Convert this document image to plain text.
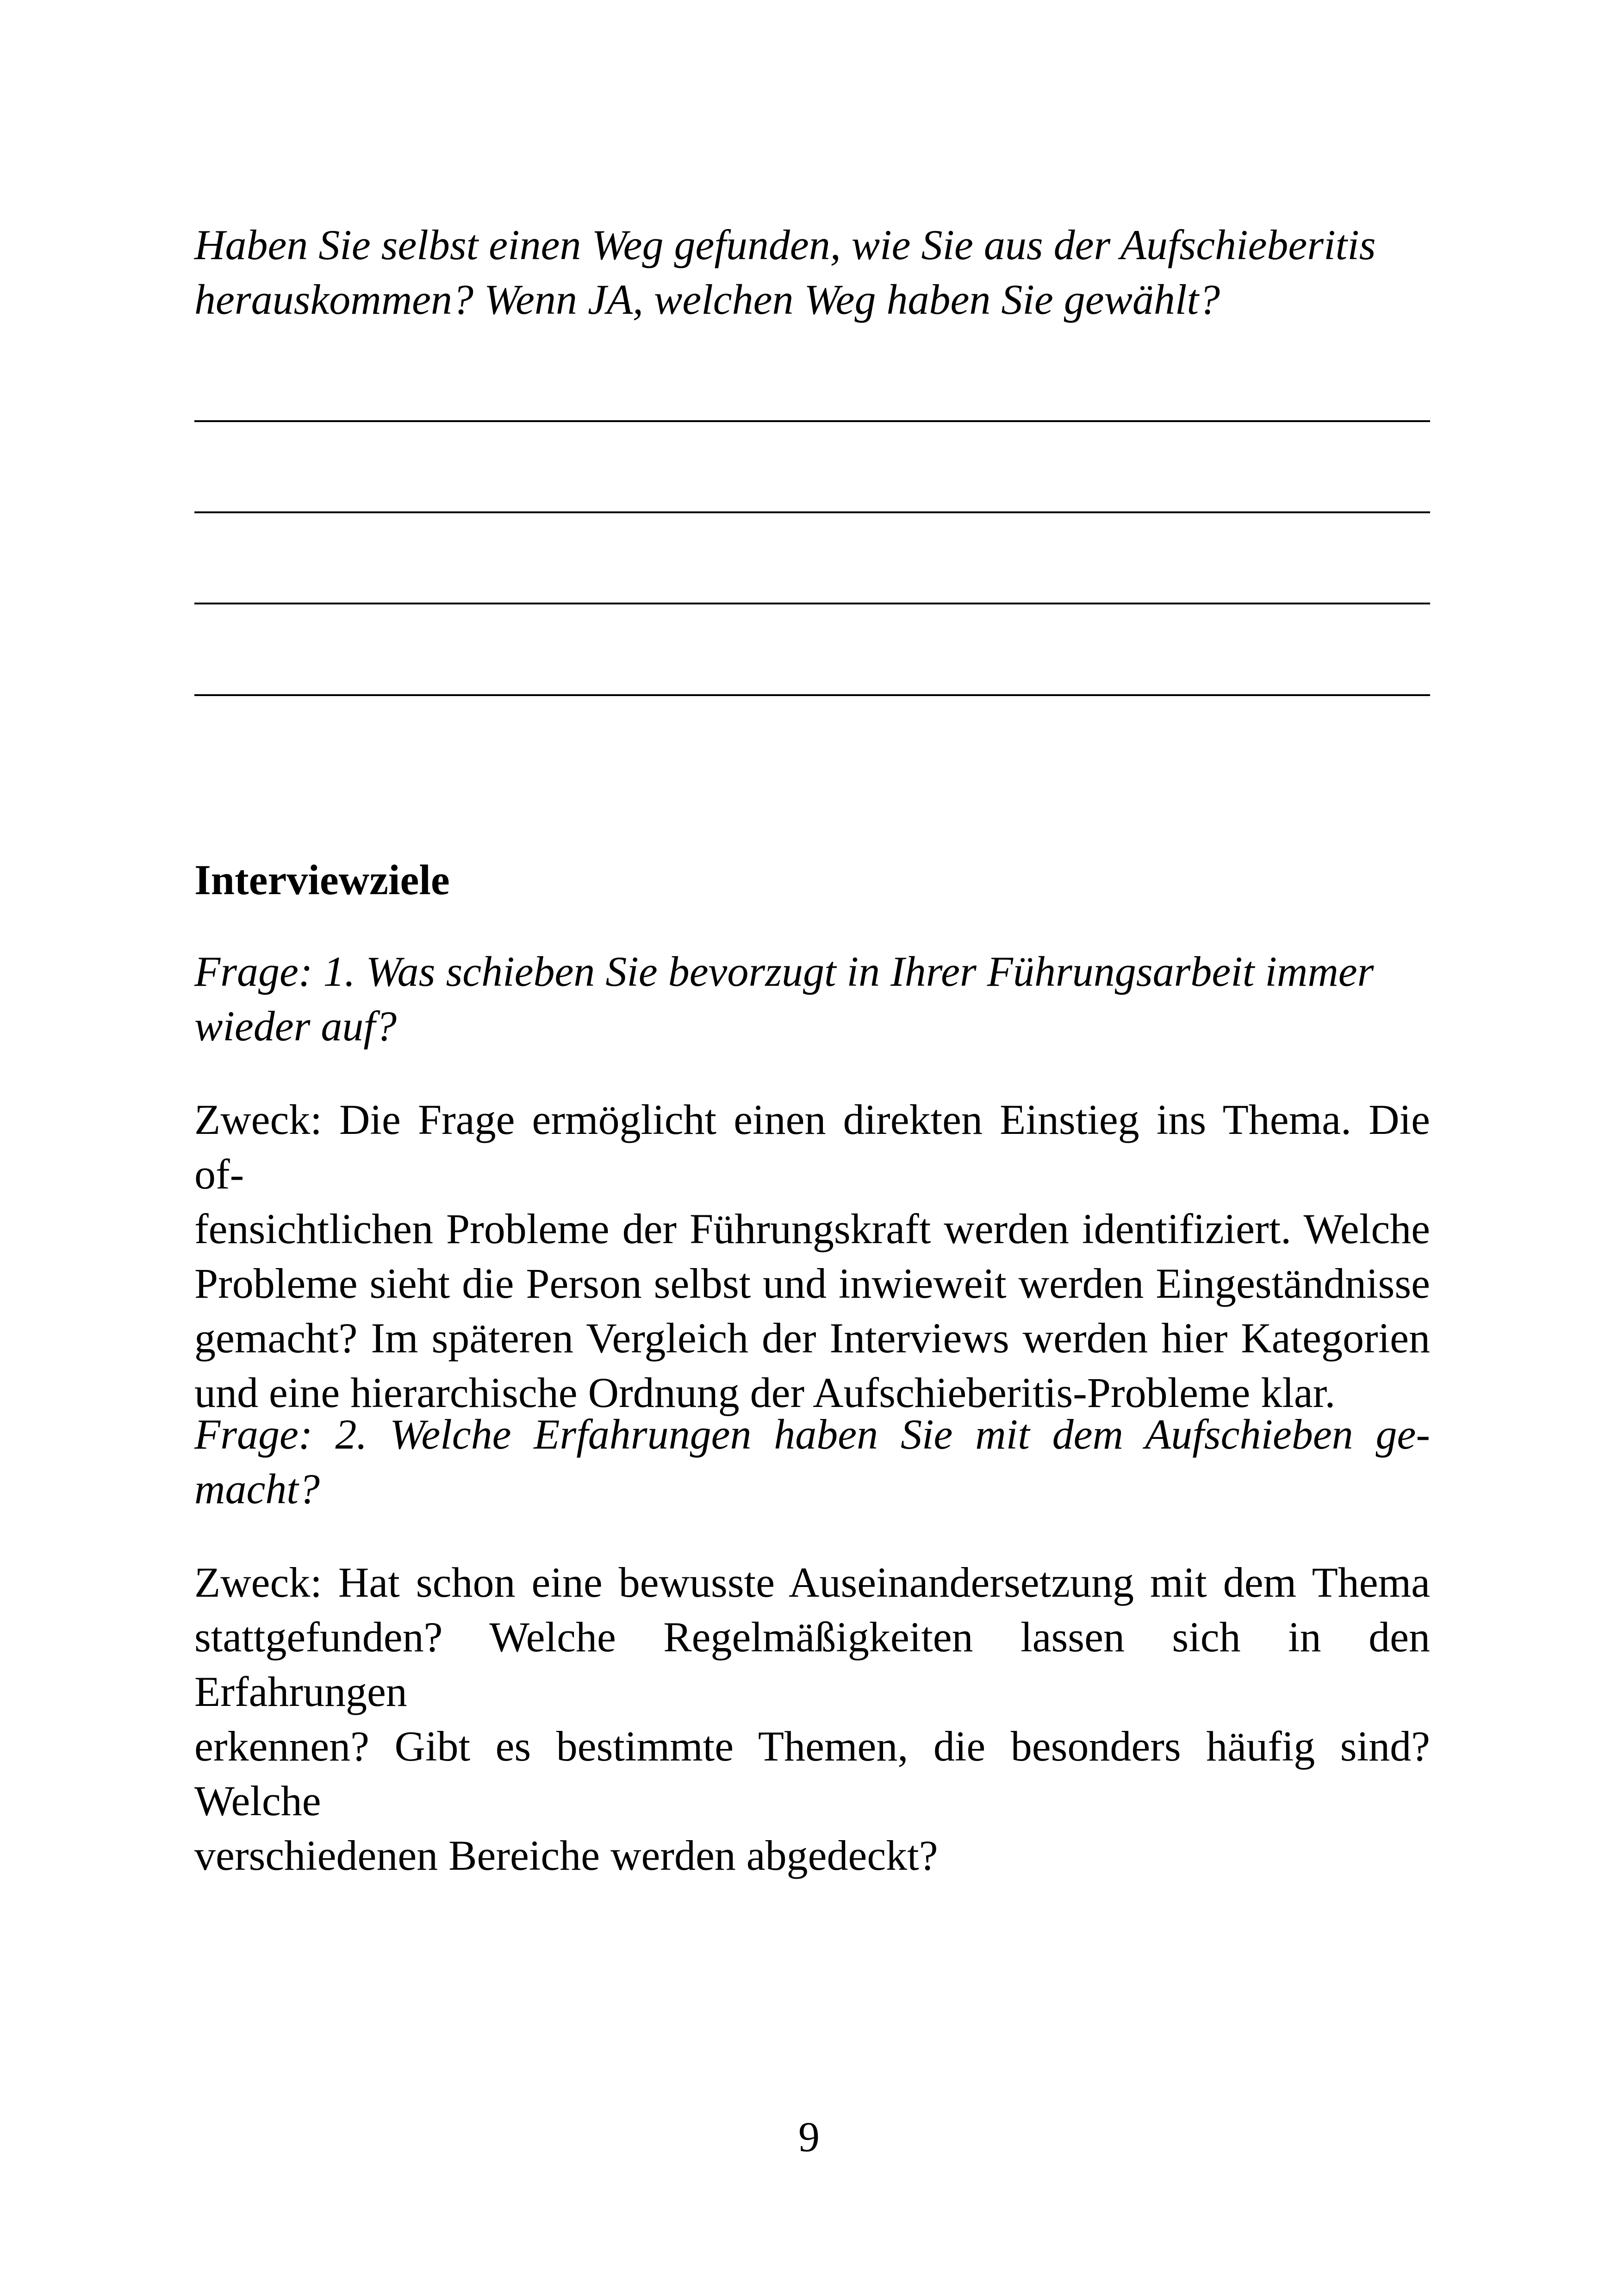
Haben Sie selbst einen Weg gefunden, wie Sie aus der Aufschieberitis
herauskommen? Wenn JA, welchen Weg haben Sie gewählt?
Interviewziele
Frage: 1. Was schieben Sie bevorzugt in Ihrer Führungsarbeit immer
wieder auf?
Zweck: Die Frage ermöglicht einen direkten Einstieg ins Thema. Die of-
fensichtlichen Probleme der Führungskraft werden identifiziert. Welche
Probleme sieht die Person selbst und inwieweit werden Eingeständnisse
gemacht? Im späteren Vergleich der Interviews werden hier Kategorien
und eine hierarchische Ordnung der Aufschieberitis-Probleme klar.
Frage: 2. Welche Erfahrungen haben Sie mit dem Aufschieben ge-
macht?
Zweck: Hat schon eine bewusste Auseinandersetzung mit dem Thema
stattgefunden? Welche Regelmäßigkeiten lassen sich in den Erfahrungen
erkennen? Gibt es bestimmte Themen, die besonders häufig sind? Welche
verschiedenen Bereiche werden abgedeckt?
9
